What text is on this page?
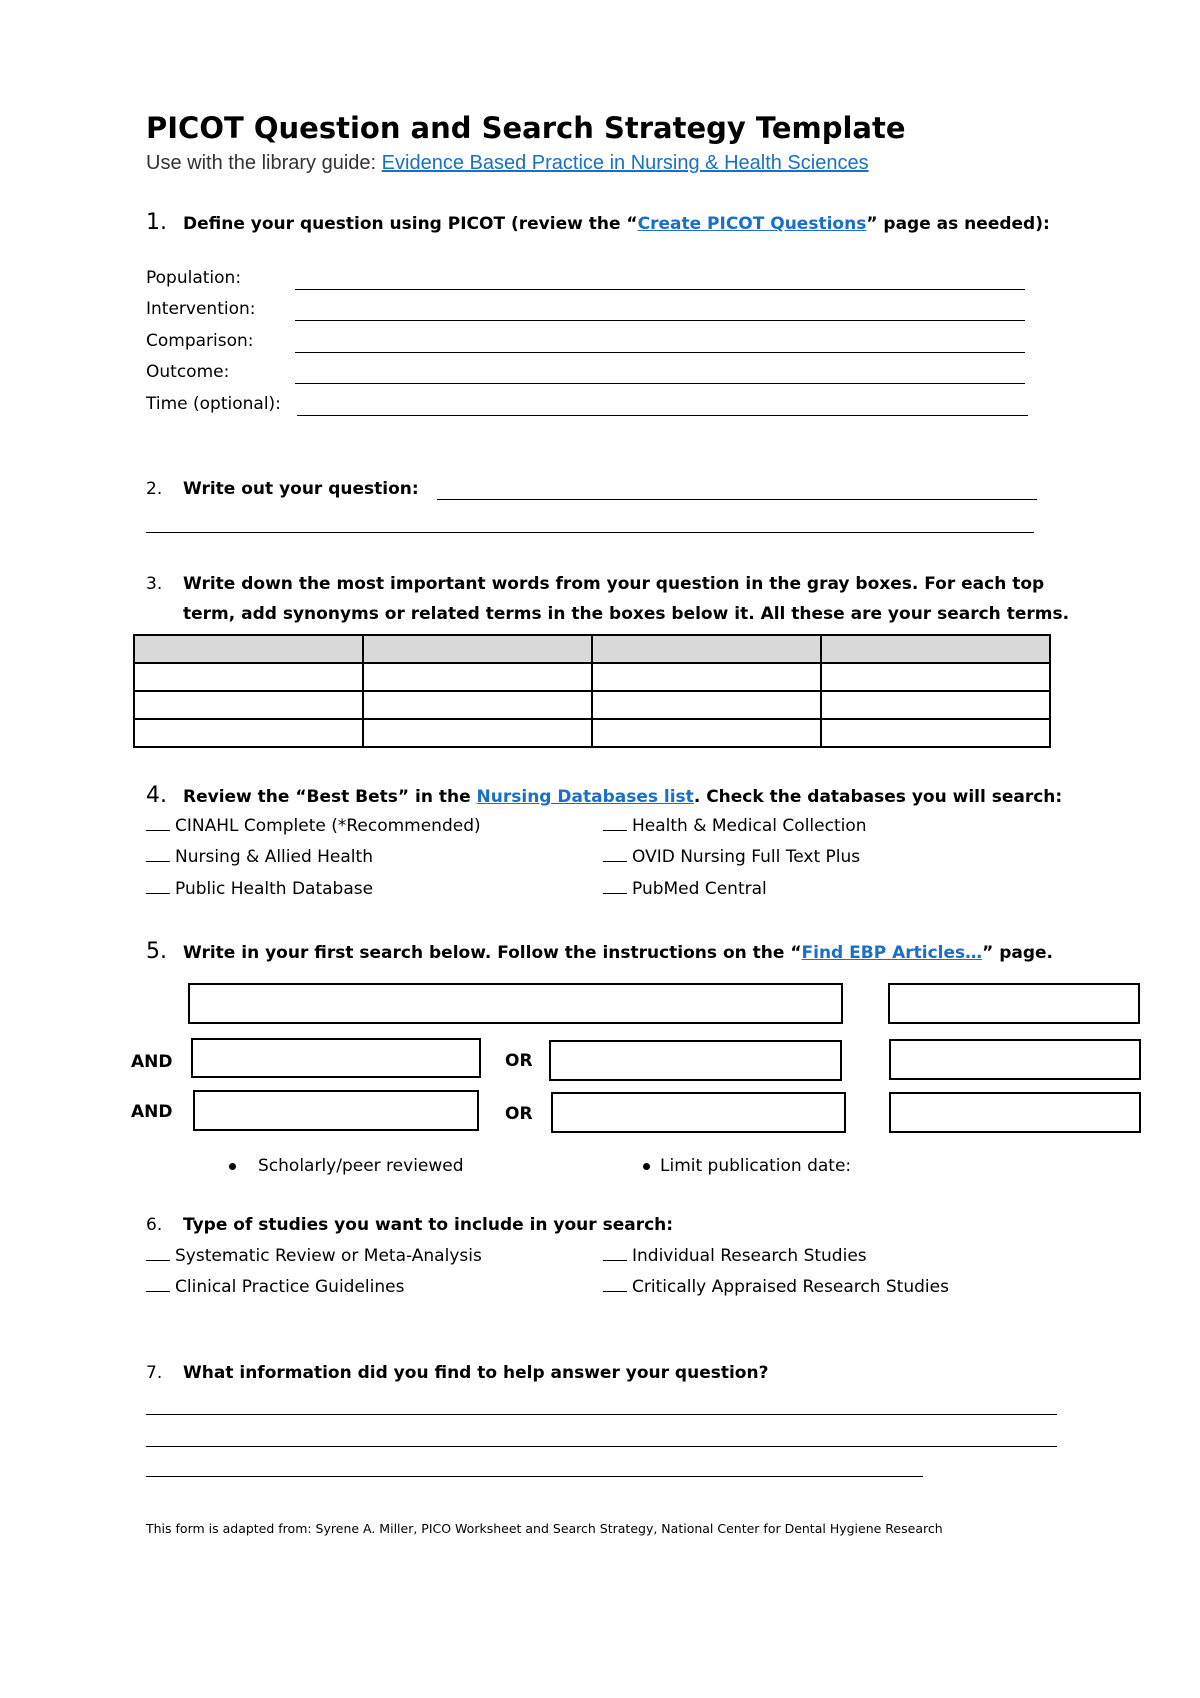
PICOT Question and Search Strategy Template
Use with the library guide: Evidence Based Practice in Nursing & Health Sciences
1. Define your question using PICOT (review the “Create PICOT Questions” page as needed):
Population:
Intervention:
Comparison:
Outcome:
Time (optional):
2. Write out your question:
3. Write down the most important words from your question in the gray boxes. For each top
term, add synonyms or related terms in the boxes below it. All these are your search terms.

4. Review the “Best Bets” in the Nursing Databases list. Check the databases you will search:
CINAHL Complete (*Recommended)	Health & Medical Collection
Nursing & Allied Health	OVID Nursing Full Text Plus
Public Health Database	PubMed Central
5. Write in your first search below. Follow the instructions on the “Find EBP Articles…” page.
AND	OR
AND	OR
Scholarly/peer reviewed	Limit publication date:
6. Type of studies you want to include in your search:
Systematic Review or Meta-Analysis	Individual Research Studies
Clinical Practice Guidelines	Critically Appraised Research Studies
7. What information did you find to help answer your question?
This form is adapted from: Syrene A. Miller, PICO Worksheet and Search Strategy, National Center for Dental Hygiene Research
